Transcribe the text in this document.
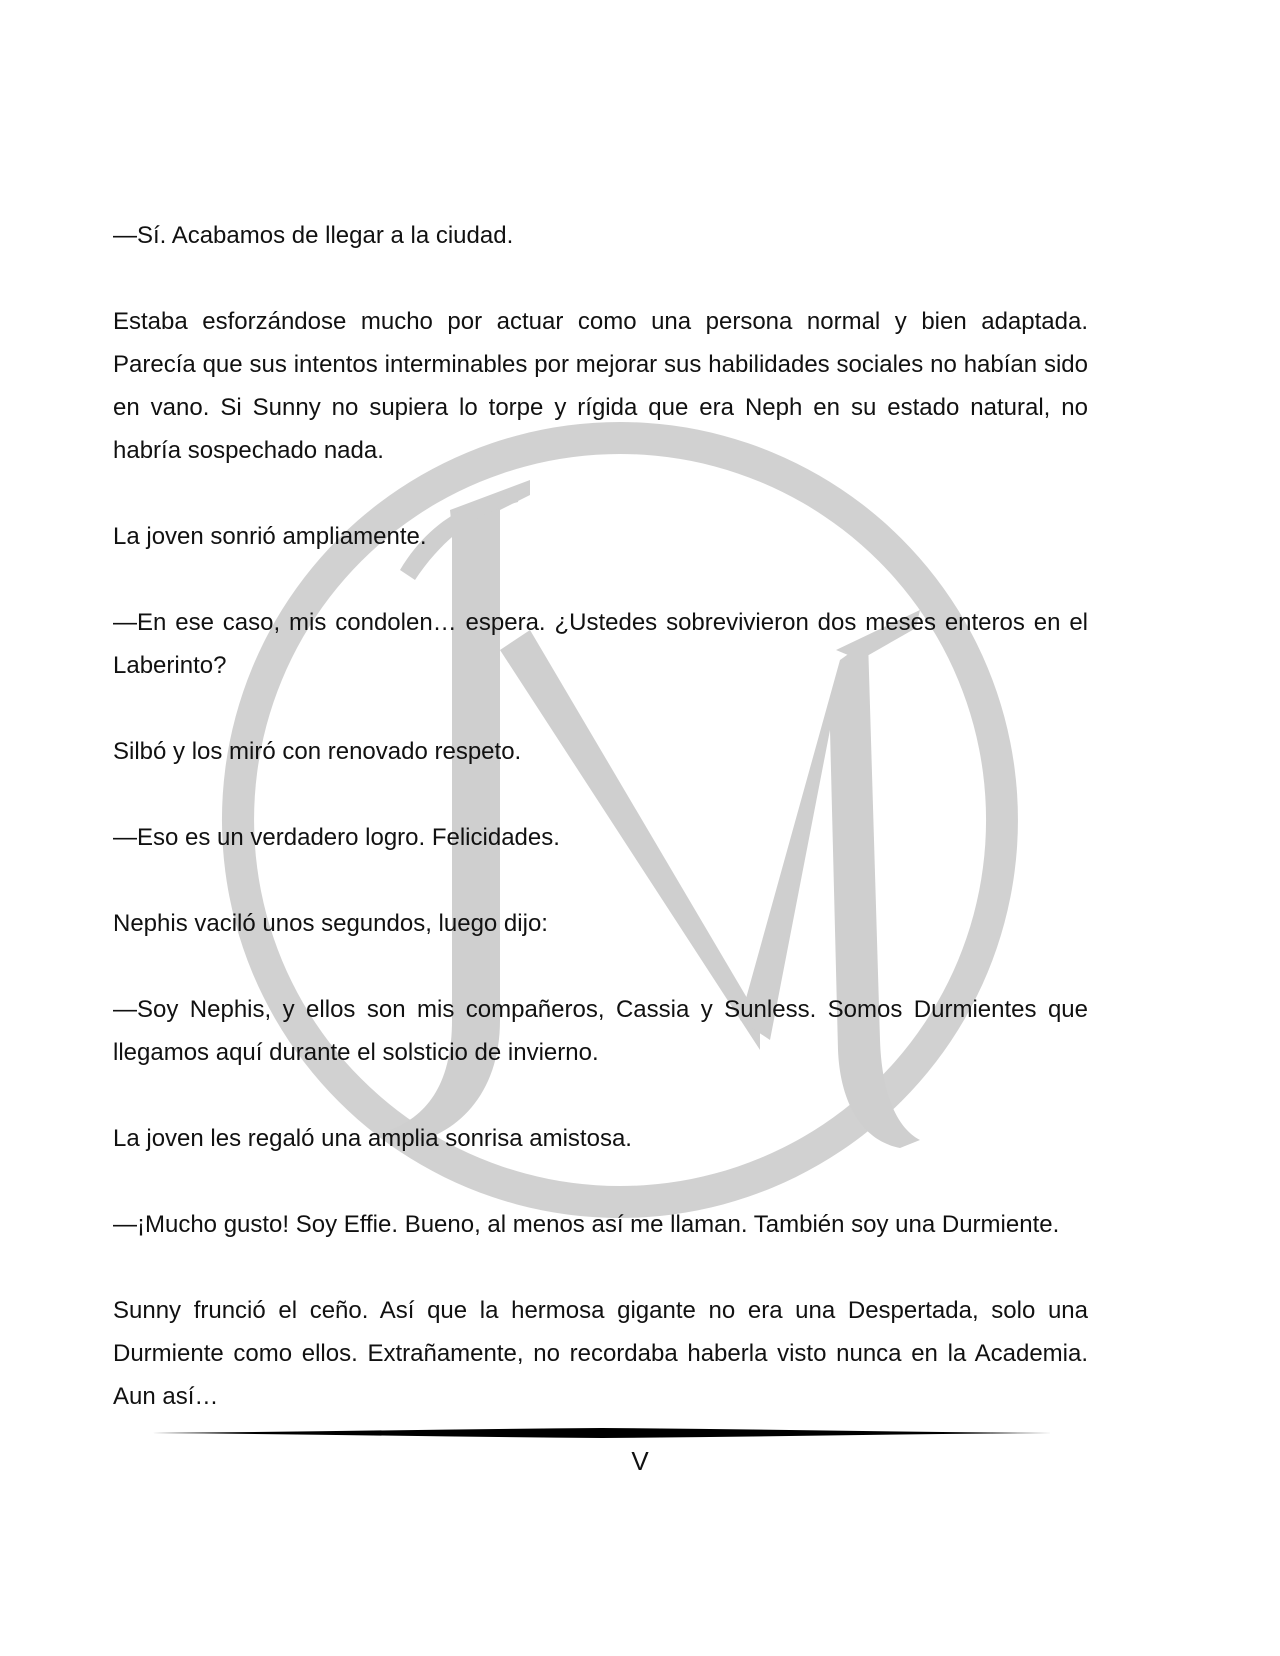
—Sí. Acabamos de llegar a la ciudad.

Estaba esforzándose mucho por actuar como una persona normal y bien adaptada. Parecía que sus intentos interminables por mejorar sus habilidades sociales no habían sido en vano. Si Sunny no supiera lo torpe y rígida que era Neph en su estado natural, no habría sospechado nada.

La joven sonrió ampliamente.

—En ese caso, mis condolen… espera. ¿Ustedes sobrevivieron dos meses enteros en el Laberinto?

Silbó y los miró con renovado respeto.

—Eso es un verdadero logro. Felicidades.

Nephis vaciló unos segundos, luego dijo:

—Soy Nephis, y ellos son mis compañeros, Cassia y Sunless. Somos Durmientes que llegamos aquí durante el solsticio de invierno.

La joven les regaló una amplia sonrisa amistosa.

—¡Mucho gusto! Soy Effie. Bueno, al menos así me llaman. También soy una Durmiente.

Sunny frunció el ceño. Así que la hermosa gigante no era una Despertada, solo una Durmiente como ellos. Extrañamente, no recordaba haberla visto nunca en la Academia. Aun así…

V
